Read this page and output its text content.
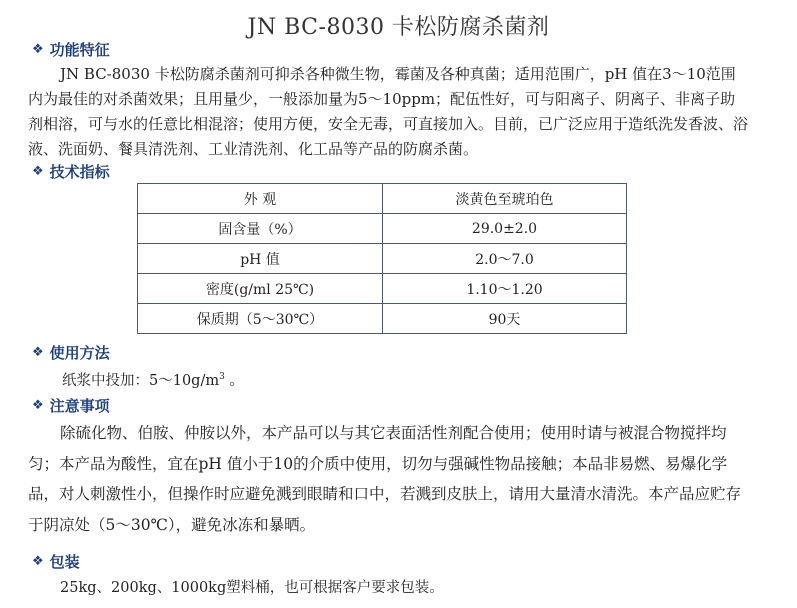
JN BC-8030 卡松防腐杀菌剂
❖ 功能特征
JN BC-8030 卡松防腐杀菌剂可抑杀各种微生物，霉菌及各种真菌；适用范围广，pH 值在3～10范围内为最佳的对杀菌效果；且用量少，一般添加量为5～10ppm；配伍性好，可与阳离子、阴离子、非离子助剂相溶，可与水的任意比相混溶；使用方便，安全无毒，可直接加入。目前，已广泛应用于造纸洗发香波、浴液、洗面奶、餐具清洗剂、工业清洗剂、化工品等产品的防腐杀菌。
❖ 技术指标
外 观	淡黄色至琥珀色
固含量（%）	29.0±2.0
pH 值	2.0～7.0
密度(g/ml 25℃)	1.10～1.20
保质期（5～30℃）	90天
❖ 使用方法
纸浆中投加：$5\sim 10g/m^3$ 。
❖ 注意事项
除硫化物、伯胺、仲胺以外，本产品可以与其它表面活性剂配合使用；使用时请与被混合物搅拌均匀；本产品为酸性，宜在pH 值小于10的介质中使用，切勿与强碱性物品接触；本品非易燃、易爆化学品，对人刺激性小，但操作时应避免溅到眼睛和口中，若溅到皮肤上，请用大量清水清洗。本产品应贮存于阴凉处（5～30℃），避免冰冻和暴晒。
❖ 包装
25kg、200kg、1000kg塑料桶，也可根据客户要求包装。
